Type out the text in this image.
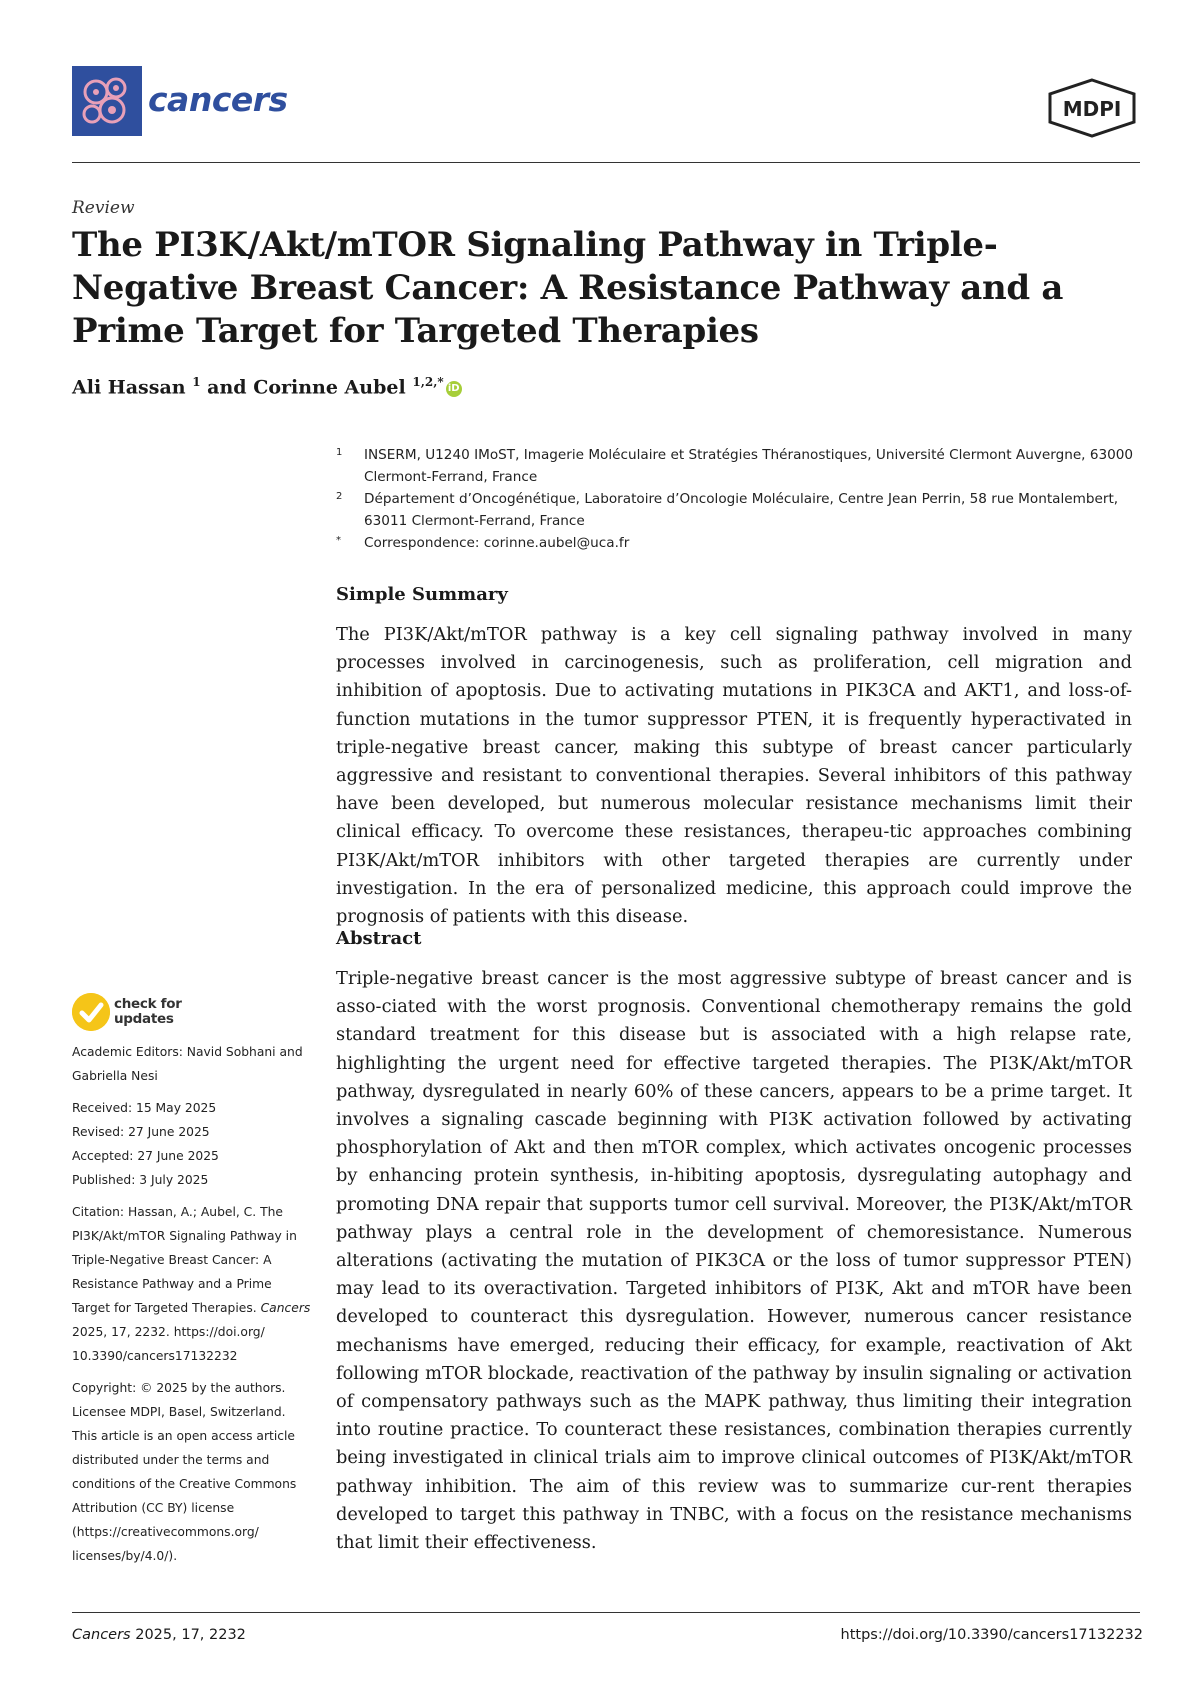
cancers	MDPI
Review
The PI3K/Akt/mTOR Signaling Pathway in Triple-Negative Breast Cancer: A Resistance Pathway and a Prime Target for Targeted Therapies
Ali Hassan $^1$ and Corinne Aubel $^{1,2,*}$ iD
1 INSERM, U1240 IMoST, Imagerie Moléculaire et Stratégies Théranostiques, Université Clermont Auvergne, 63000 Clermont-Ferrand, France
2 Département d’Oncogénétique, Laboratoire d’Oncologie Moléculaire, Centre Jean Perrin, 58 rue Montalembert, 63011 Clermont-Ferrand, France
* Correspondence: corinne.aubel@uca.fr
Simple Summary

The PI3K/Akt/mTOR pathway is a key cell signaling pathway involved in many processes involved in carcinogenesis, such as proliferation, cell migration and inhibition of apoptosis. Due to activating mutations in PIK3CA and AKT1, and loss-of-function mutations in the tumor suppressor PTEN, it is frequently hyperactivated in triple-negative breast cancer, making this subtype of breast cancer particularly aggressive and resistant to conventional therapies. Several inhibitors of this pathway have been developed, but numerous molecular resistance mechanisms limit their clinical efficacy. To overcome these resistances, therapeu-tic approaches combining PI3K/Akt/mTOR inhibitors with other targeted therapies are currently under investigation. In the era of personalized medicine, this approach could improve the prognosis of patients with this disease.

Abstract

Triple-negative breast cancer is the most aggressive subtype of breast cancer and is asso-ciated with the worst prognosis. Conventional chemotherapy remains the gold standard treatment for this disease but is associated with a high relapse rate, highlighting the urgent need for effective targeted therapies. The PI3K/Akt/mTOR pathway, dysregulated in nearly 60% of these cancers, appears to be a prime target. It involves a signaling cascade beginning with PI3K activation followed by activating phosphorylation of Akt and then mTOR complex, which activates oncogenic processes by enhancing protein synthesis, in-hibiting apoptosis, dysregulating autophagy and promoting DNA repair that supports tumor cell survival. Moreover, the PI3K/Akt/mTOR pathway plays a central role in the development of chemoresistance. Numerous alterations (activating the mutation of PIK3CA or the loss of tumor suppressor PTEN) may lead to its overactivation. Targeted inhibitors of PI3K, Akt and mTOR have been developed to counteract this dysregulation. However, numerous cancer resistance mechanisms have emerged, reducing their efficacy, for example, reactivation of Akt following mTOR blockade, reactivation of the pathway by insulin signaling or activation of compensatory pathways such as the MAPK pathway, thus limiting their integration into routine practice. To counteract these resistances, combination therapies currently being investigated in clinical trials aim to improve clinical outcomes of PI3K/Akt/mTOR pathway inhibition. The aim of this review was to summarize cur-rent therapies developed to target this pathway in TNBC, with a focus on the resistance mechanisms that limit their effectiveness.

check for
updates

Academic Editors: Navid Sobhani and Gabriella Nesi

Received: 15 May 2025
Revised: 27 June 2025
Accepted: 27 June 2025
Published: 3 July 2025

Citation: Hassan, A.; Aubel, C. The PI3K/Akt/mTOR Signaling Pathway in Triple-Negative Breast Cancer: A Resistance Pathway and a Prime Target for Targeted Therapies. Cancers 2025, 17, 2232. https://doi.org/ 10.3390/cancers17132232

Copyright: © 2025 by the authors. Licensee MDPI, Basel, Switzerland. This article is an open access article distributed under the terms and conditions of the Creative Commons Attribution (CC BY) license (https://creativecommons.org/ licenses/by/4.0/).

Cancers 2025, 17, 2232	https://doi.org/10.3390/cancers17132232
